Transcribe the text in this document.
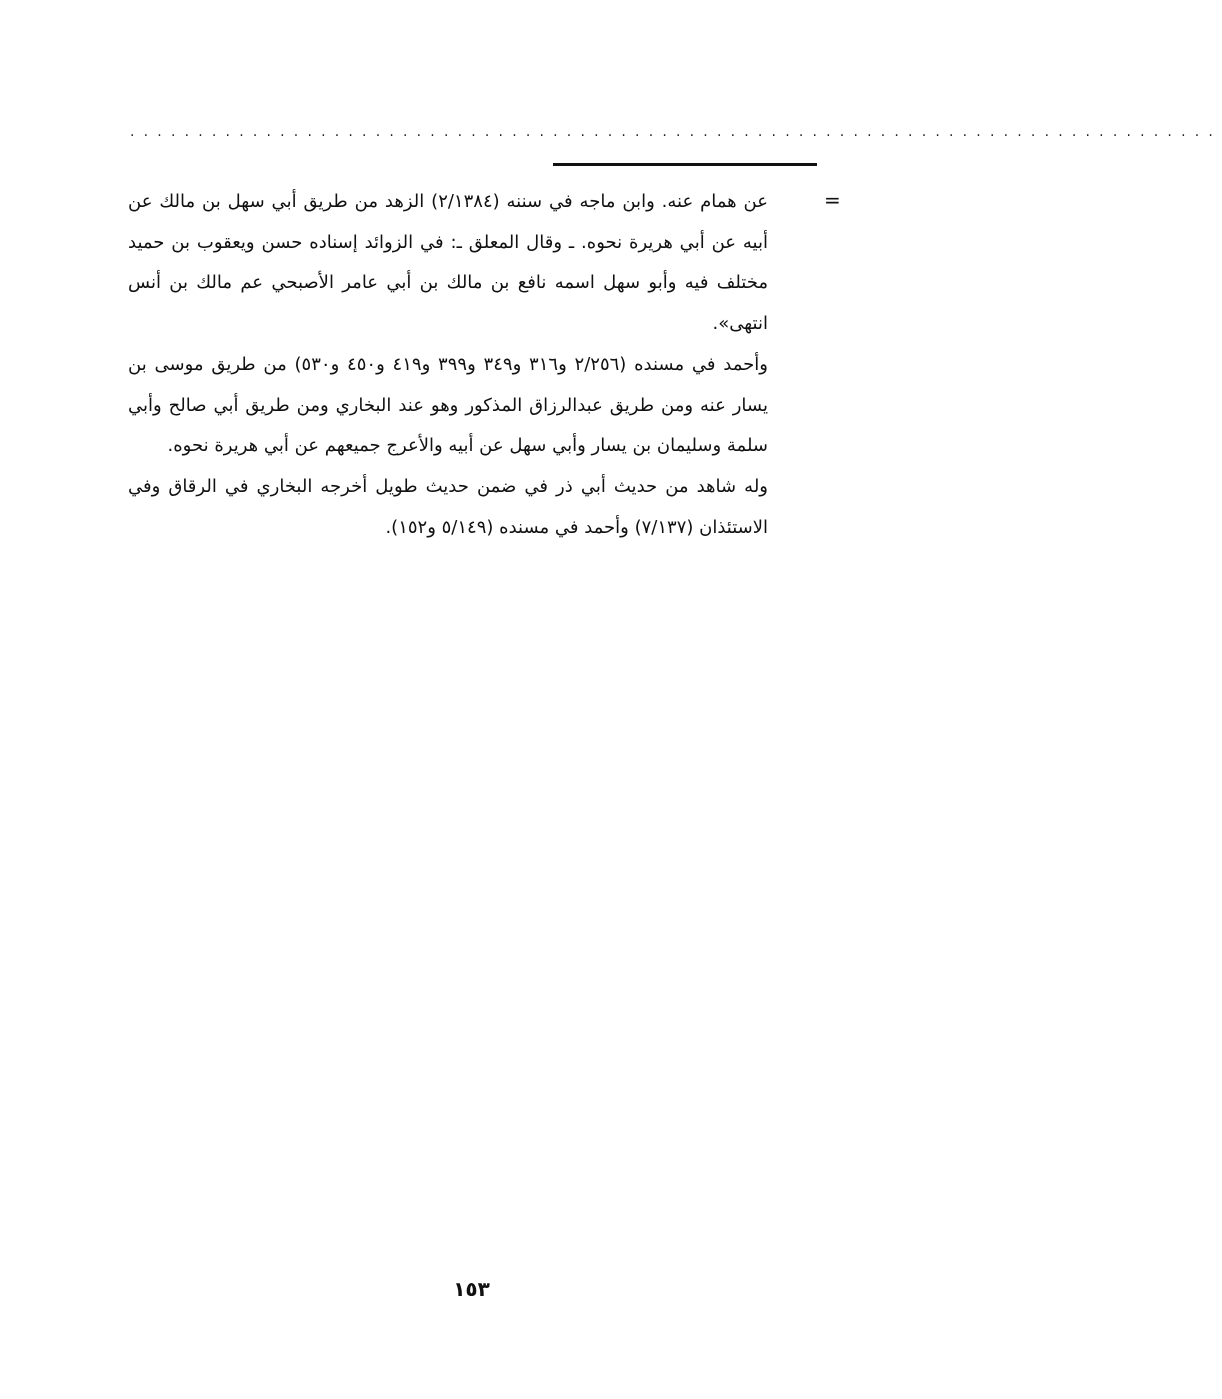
................................................................................
=

عن همام عنه. وابن ماجه في سننه (٢/١٣٨٤) الزهد من طريق أبي سهل بن مالك عن أبيه عن أبي هريرة نحوه. ـ وقال المعلق ـ: في الزوائد إسناده حسن ويعقوب بن حميد مختلف فيه وأبو سهل اسمه نافع بن مالك بن أبي عامر الأصبحي عم مالك بن أنس انتهى».

وأحمد في مسنده (٢/٢٥٦ و٣١٦ و٣٤٩ و٣٩٩ و٤١٩ و٤٥٠ و٥٣٠) من طريق موسى بن يسار عنه ومن طريق عبدالرزاق المذكور وهو عند البخاري ومن طريق أبي صالح وأبي سلمة وسليمان بن يسار وأبي سهل عن أبيه والأعرج جميعهم عن أبي هريرة نحوه.

وله شاهد من حديث أبي ذر في ضمن حديث طويل أخرجه البخاري في الرقاق وفي الاستئذان (٧/١٣٧) وأحمد في مسنده (٥/١٤٩ و١٥٢).

١٥٣
